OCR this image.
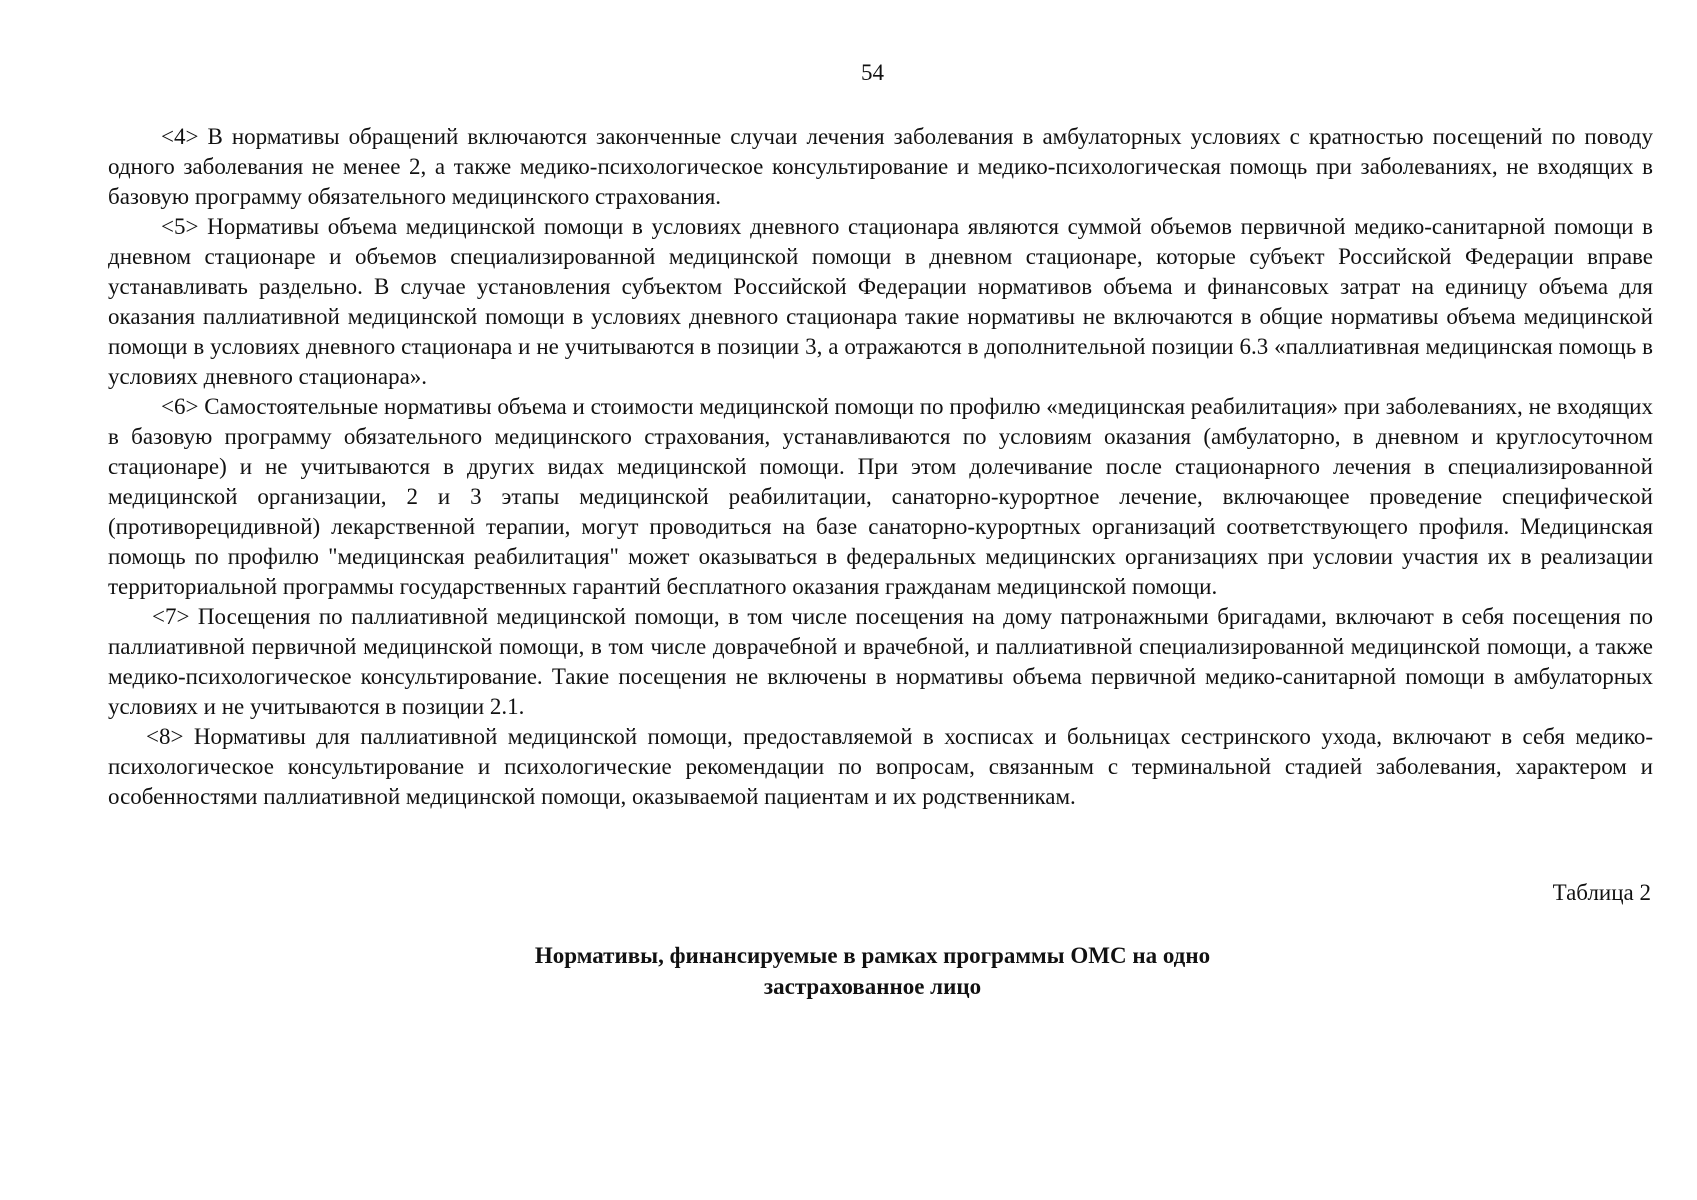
54

<4> В нормативы обращений включаются законченные случаи лечения заболевания в амбулаторных условиях с кратностью посещений по поводу одного заболевания не менее 2, а также медико-психологическое консультирование и медико-психологическая помощь при заболеваниях, не входящих в базовую программу обязательного медицинского страхования.

<5> Нормативы объема медицинской помощи в условиях дневного стационара являются суммой объемов первичной медико-санитарной помощи в дневном стационаре и объемов специализированной медицинской помощи в дневном стационаре, которые субъект Российской Федерации вправе устанавливать раздельно. В случае установления субъектом Российской Федерации нормативов объема и финансовых затрат на единицу объема для оказания паллиативной медицинской помощи в условиях дневного стационара такие нормативы не включаются в общие нормативы объема медицинской помощи в условиях дневного стационара и не учитываются в позиции 3, а отражаются в дополнительной позиции 6.3 «паллиативная медицинская помощь в условиях дневного стационара».

<6> Самостоятельные нормативы объема и стоимости медицинской помощи по профилю «медицинская реабилитация» при заболеваниях, не входящих в базовую программу обязательного медицинского страхования, устанавливаются по условиям оказания (амбулаторно, в дневном и круглосуточном стационаре) и не учитываются в других видах медицинской помощи. При этом долечивание после стационарного лечения в специализированной медицинской организации, 2 и 3 этапы медицинской реабилитации, санаторно-курортное лечение, включающее проведение специфической (противорецидивной) лекарственной терапии, могут проводиться на базе санаторно-курортных организаций соответствующего профиля. Медицинская помощь по профилю "медицинская реабилитация" может оказываться в федеральных медицинских организациях при условии участия их в реализации территориальной программы государственных гарантий бесплатного оказания гражданам медицинской помощи.

<7> Посещения по паллиативной медицинской помощи, в том числе посещения на дому патронажными бригадами, включают в себя посещения по паллиативной первичной медицинской помощи, в том числе доврачебной и врачебной, и паллиативной специализированной медицинской помощи, а также медико-психологическое консультирование. Такие посещения не включены в нормативы объема первичной медико-санитарной помощи в амбулаторных условиях и не учитываются в позиции 2.1.

<8> Нормативы для паллиативной медицинской помощи, предоставляемой в хосписах и больницах сестринского ухода, включают в себя медико-психологическое консультирование и психологические рекомендации по вопросам, связанным с терминальной стадией заболевания, характером и особенностями паллиативной медицинской помощи, оказываемой пациентам и их родственникам.

Таблица 2
Нормативы, финансируемые в рамках программы ОМС на одно
застрахованное лицо
